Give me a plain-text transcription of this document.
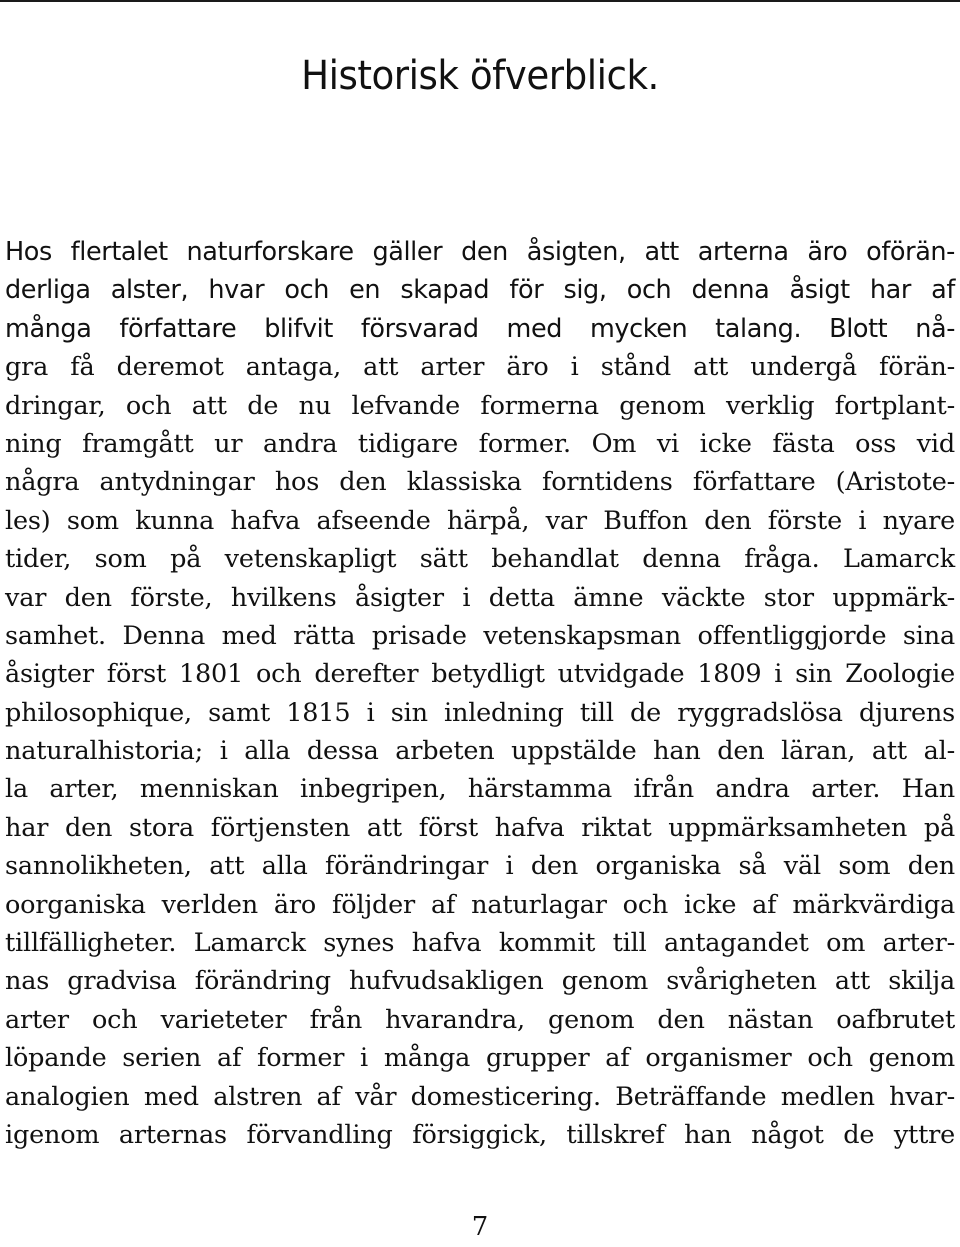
Historisk öfverblick.
Hos flertalet naturforskare gäller den åsigten, att arterna äro oförän-
derliga alster, hvar och en skapad för sig, och denna åsigt har af
många författare blifvit försvarad med mycken talang. Blott nå-
gra få deremot antaga, att arter äro i stånd att undergå förän-
dringar, och att de nu lefvande formerna genom verklig fortplant-
ning framgått ur andra tidigare former. Om vi icke fästa oss vid
några antydningar hos den klassiska forntidens författare (Aristote-
les) som kunna hafva afseende härpå, var Buffon den förste i nyare
tider, som på vetenskapligt sätt behandlat denna fråga. Lamarck
var den förste, hvilkens åsigter i detta ämne väckte stor uppmärk-
samhet. Denna med rätta prisade vetenskapsman offentliggjorde sina
åsigter först 1801 och derefter betydligt utvidgade 1809 i sin Zoologie
philosophique, samt 1815 i sin inledning till de ryggradslösa djurens
naturalhistoria; i alla dessa arbeten uppstälde han den läran, att al-
la arter, menniskan inbegripen, härstamma ifrån andra arter. Han
har den stora förtjensten att först hafva riktat uppmärksamheten på
sannolikheten, att alla förändringar i den organiska så väl som den
oorganiska verlden äro följder af naturlagar och icke af märkvärdiga
tillfälligheter. Lamarck synes hafva kommit till antagandet om arter-
nas gradvisa förändring hufvudsakligen genom svårigheten att skilja
arter och varieteter från hvarandra, genom den nästan oafbrutet
löpande serien af former i många grupper af organismer och genom
analogien med alstren af vår domesticering. Beträffande medlen hvar-
igenom arternas förvandling försiggick, tillskref han något de yttre
7
